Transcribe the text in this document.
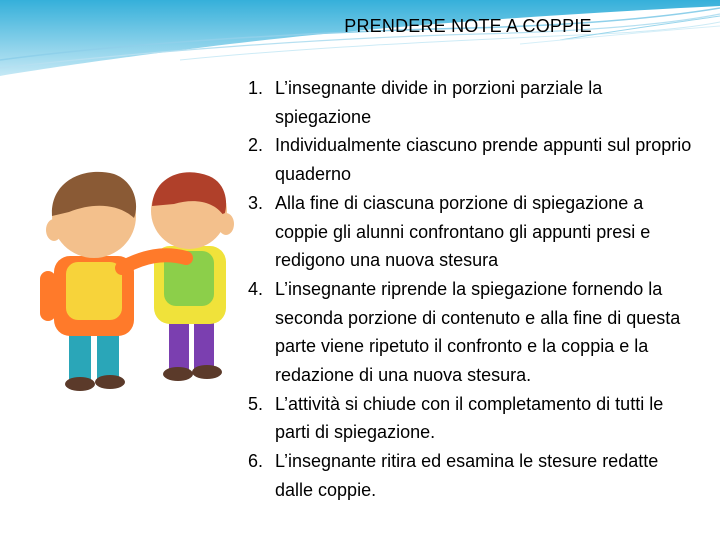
PRENDERE NOTE A COPPIE
1. L’insegnante divide in porzioni parziale la spiegazione
2. Individualmente ciascuno prende appunti sul proprio quaderno
3. Alla fine di ciascuna porzione di spiegazione a coppie gli alunni confrontano gli appunti presi e redigono una nuova stesura
4. L’insegnante riprende la spiegazione fornendo la seconda porzione di contenuto e alla fine di questa parte viene ripetuto il confronto e la coppia e la redazione di una nuova stesura.
5. L’attività si chiude con il completamento di tutti le parti di spiegazione.
6. L’insegnante ritira ed esamina le stesure redatte dalle coppie.
